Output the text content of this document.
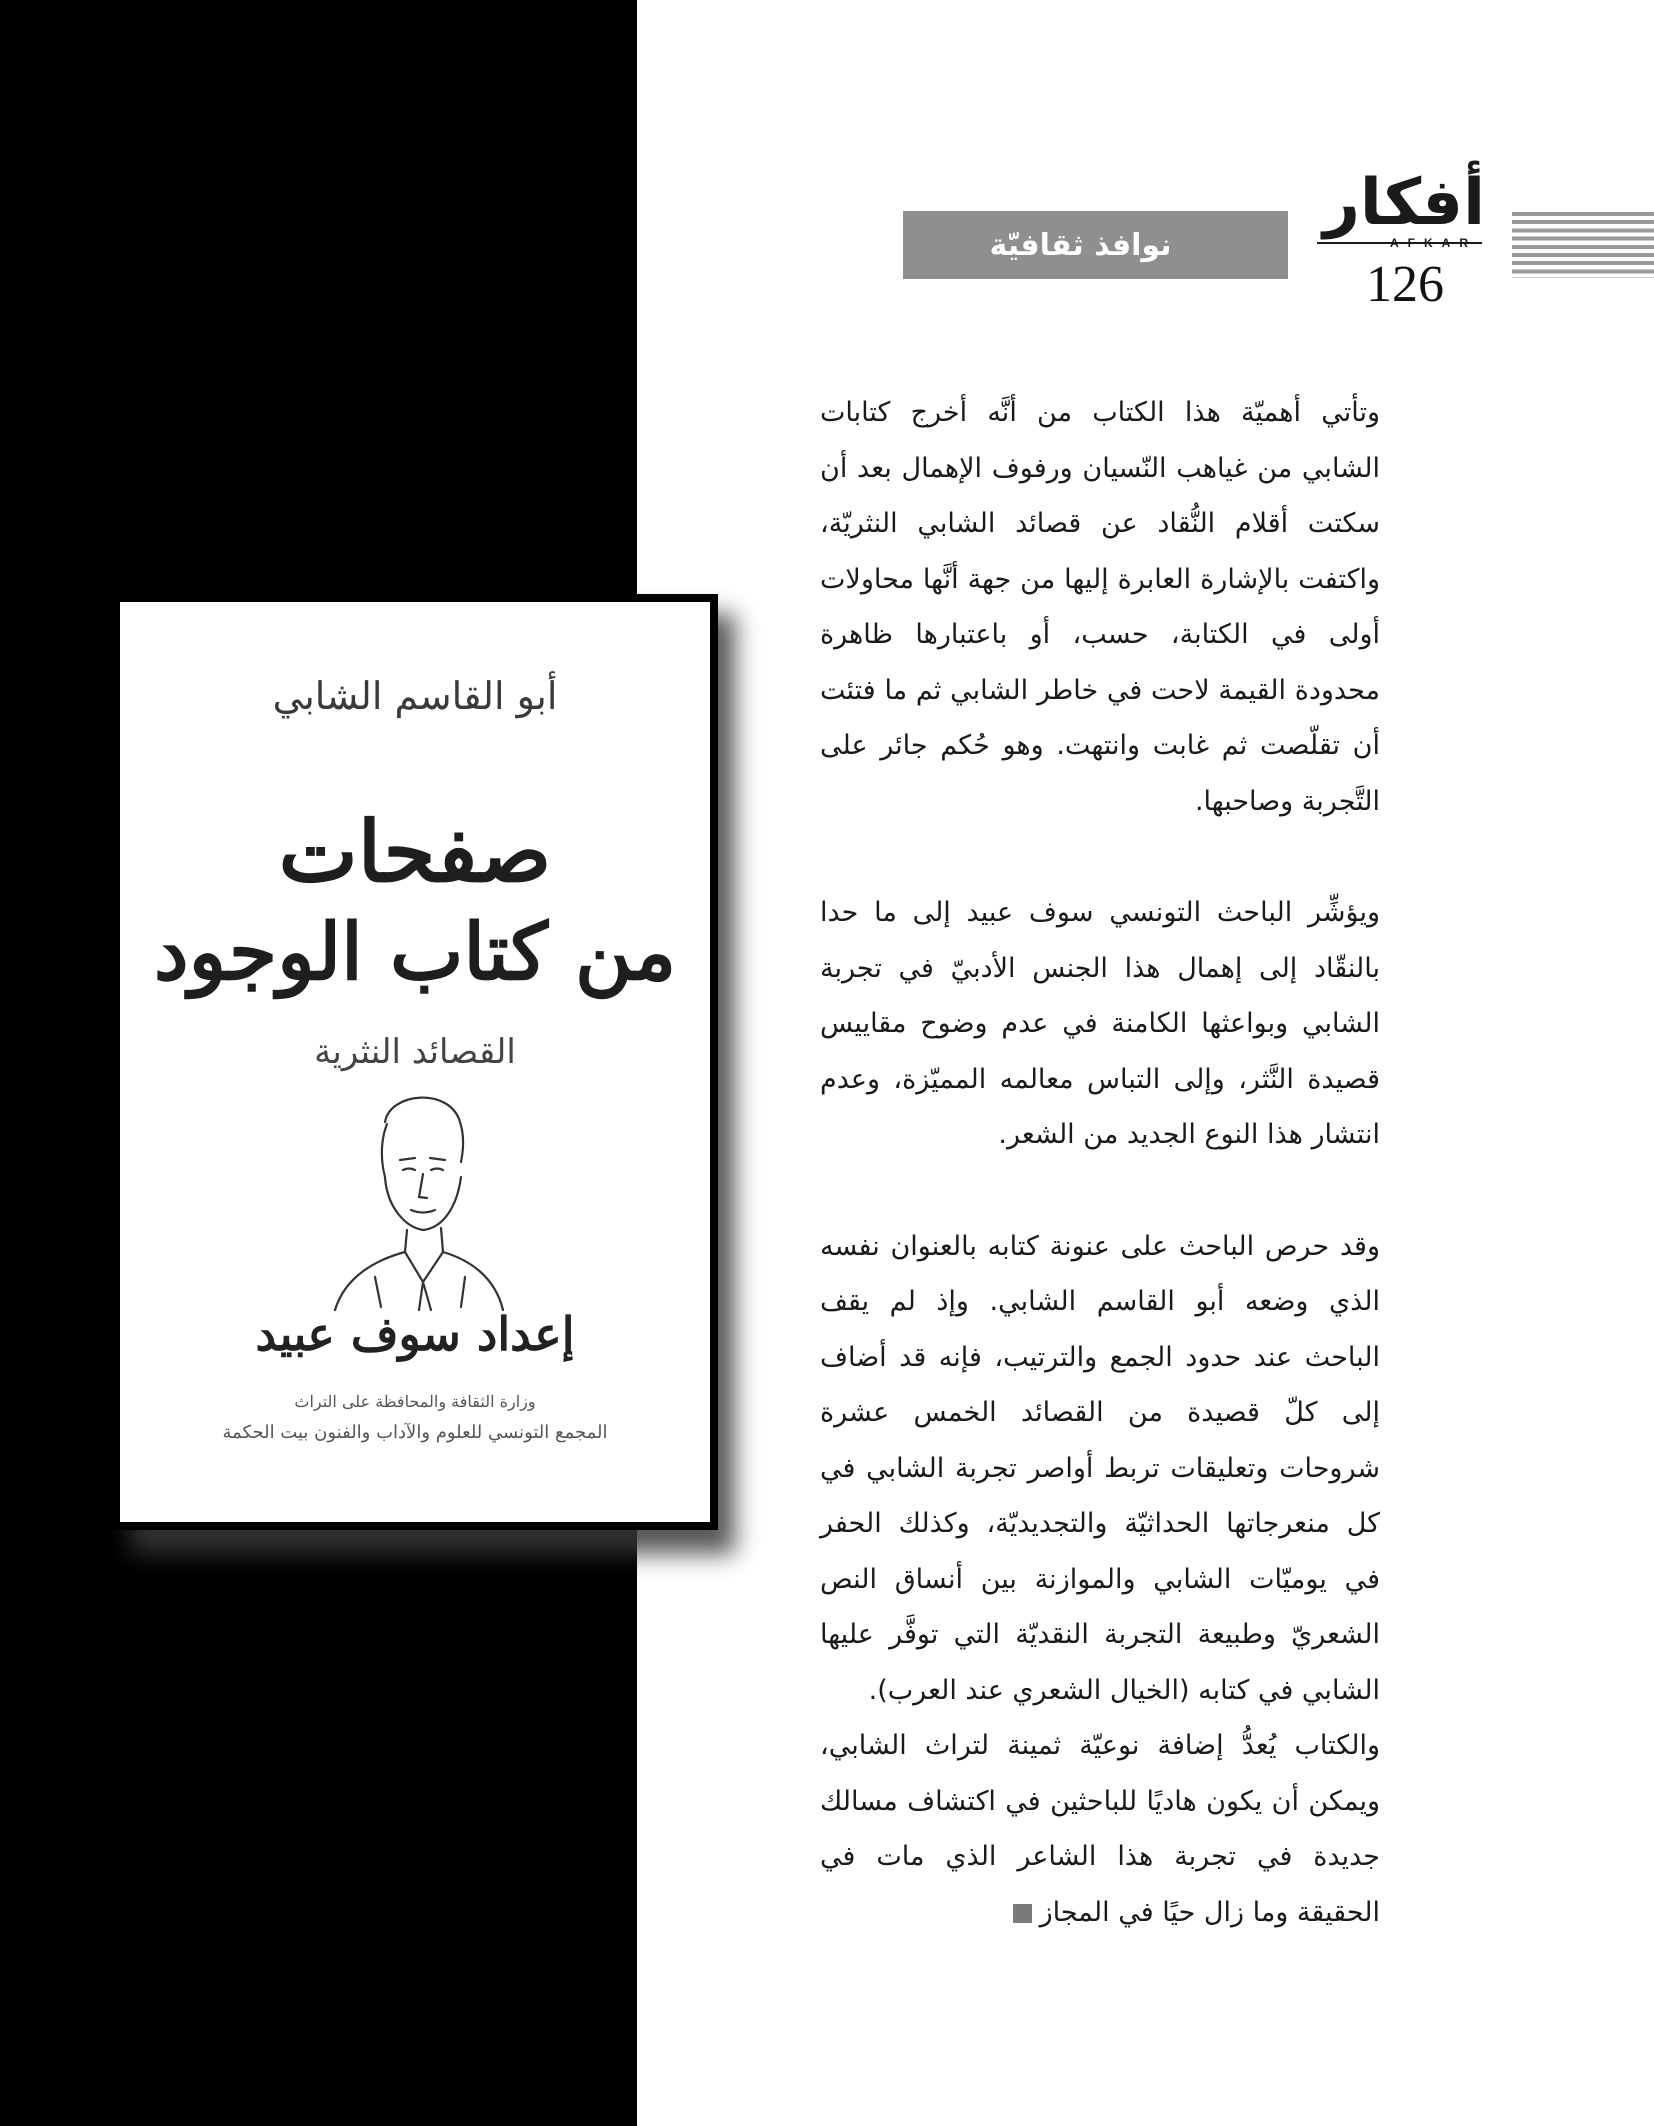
نوافذ ثقافيّة
أفكار
AFKAR
126
أبو القاسم الشابي
صفحات
من كتاب الوجود
القصائد النثرية
إعداد سوف عبيد
وزارة الثقافة والمحافظة على التراث
المجمع التونسي للعلوم والآداب والفنون بيت الحكمة

وتأتي أهميّة هذا الكتاب من أنَّه أخرج كتابات الشابي من غياهب النّسيان ورفوف الإهمال بعد أن سكتت أقلام النُّقاد عن قصائد الشابي النثريّة، واكتفت بالإشارة العابرة إليها من جهة أنَّها محاولات أولى في الكتابة، حسب، أو باعتبارها ظاهرة محدودة القيمة لاحت في خاطر الشابي ثم ما فتئت أن تقلّصت ثم غابت وانتهت. وهو حُكم جائر على التَّجربة وصاحبها.

ويؤشِّر الباحث التونسي سوف عبيد إلى ما حدا بالنقّاد إلى إهمال هذا الجنس الأدبيّ في تجربة الشابي وبواعثها الكامنة في عدم وضوح مقاييس قصيدة النَّثر، وإلى التباس معالمه المميّزة، وعدم انتشار هذا النوع الجديد من الشعر.

وقد حرص الباحث على عنونة كتابه بالعنوان نفسه الذي وضعه أبو القاسم الشابي. وإذ لم يقف الباحث عند حدود الجمع والترتيب، فإنه قد أضاف إلى كلّ قصيدة من القصائد الخمس عشرة شروحات وتعليقات تربط أواصر تجربة الشابي في كل منعرجاتها الحداثيّة والتجديديّة، وكذلك الحفر في يوميّات الشابي والموازنة بين أنساق النص الشعريّ وطبيعة التجربة النقديّة التي توفَّر عليها الشابي في كتابه (الخيال الشعري عند العرب).

والكتاب يُعدُّ إضافة نوعيّة ثمينة لتراث الشابي، ويمكن أن يكون هاديًا للباحثين في اكتشاف مسالك جديدة في تجربة هذا الشاعر الذي مات في الحقيقة وما زال حيًا في المجاز
